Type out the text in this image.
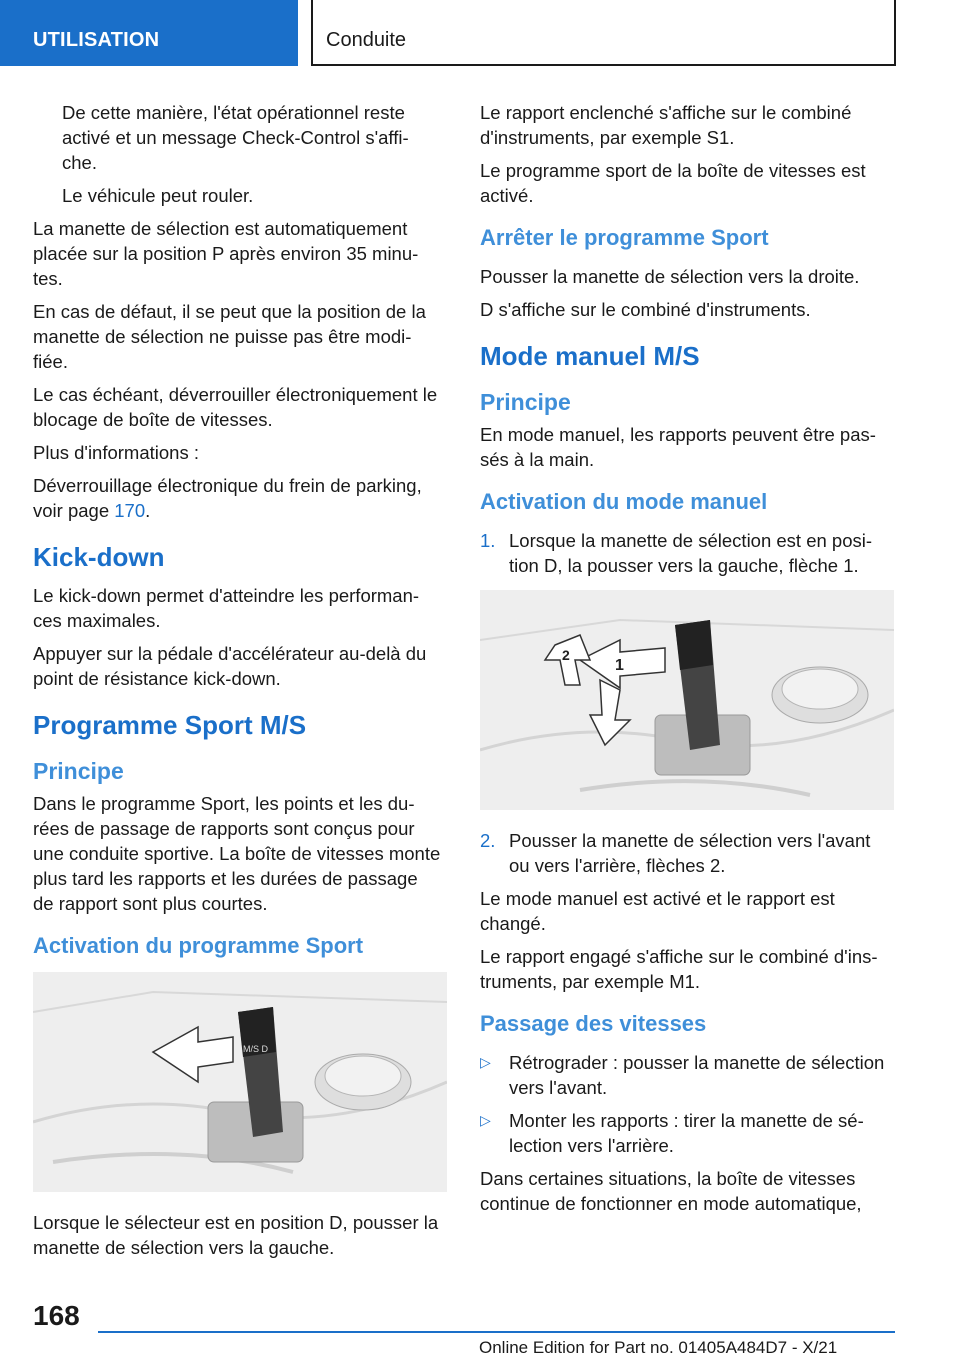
UTILISATION	Conduite

De cette manière, l'état opérationnel reste activé et un message Check-Control s'affi-che.

Le véhicule peut rouler.

La manette de sélection est automatiquement placée sur la position P après environ 35 minu-tes.

En cas de défaut, il se peut que la position de la manette de sélection ne puisse pas être modi-fiée.

Le cas échéant, déverrouiller électroniquement le blocage de boîte de vitesses.

Plus d'informations :

Déverrouillage électronique du frein de parking, voir page 170.

Kick-down

Le kick-down permet d'atteindre les performan-ces maximales.

Appuyer sur la pédale d'accélérateur au-delà du point de résistance kick-down.

Programme Sport M/S
Principe

Dans le programme Sport, les points et les du-rées de passage de rapports sont conçus pour une conduite sportive. La boîte de vitesses monte plus tard les rapports et les durées de passage de rapport sont plus courtes.

Activation du programme Sport
M/S D

Lorsque le sélecteur est en position D, pousser la manette de sélection vers la gauche.

Le rapport enclenché s'affiche sur le combiné d'instruments, par exemple S1.

Le programme sport de la boîte de vitesses est activé.

Arrêter le programme Sport

Pousser la manette de sélection vers la droite.

D s'affiche sur le combiné d'instruments.

Mode manuel M/S
Principe

En mode manuel, les rapports peuvent être pas-sés à la main.

Activation du mode manuel
1. Lorsque la manette de sélection est en posi-tion D, la pousser vers la gauche, flèche 1.
1
2
2. Pousser la manette de sélection vers l'avant ou vers l'arrière, flèches 2.

Le mode manuel est activé et le rapport est changé.

Le rapport engagé s'affiche sur le combiné d'ins-truments, par exemple M1.

Passage des vitesses
▷ Rétrograder : pousser la manette de sélection vers l'avant.
▷ Monter les rapports : tirer la manette de sé-lection vers l'arrière.

Dans certaines situations, la boîte de vitesses continue de fonctionner en mode automatique,

168
Online Edition for Part no. 01405A484D7 - X/21
